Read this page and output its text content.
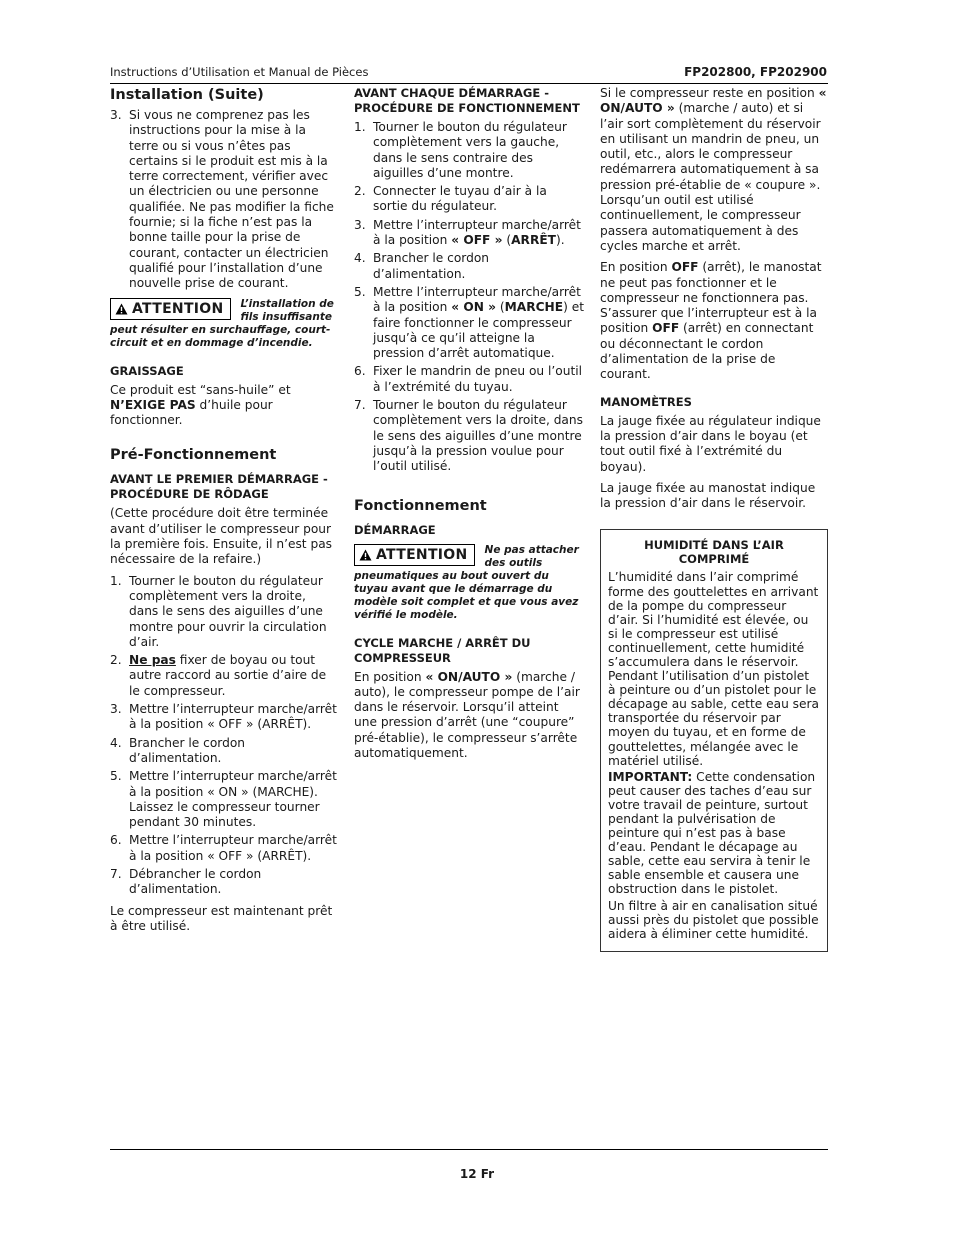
Instructions d’Utilisation et Manual de Pièces	FP202800, FP202900
Installation (Suite)
3. Si vous ne comprenez pas les instructions pour la mise à la terre ou si vous n’êtes pas certains si le produit est mis à la terre correctement, vérifier avec un électricien ou une personne qualifiée. Ne pas modifier la fiche fournie; si la fiche n’est pas la bonne taille pour la prise de courant, contacter un électricien qualifié pour l’installation d’une nouvelle prise de courant.
ATTENTION L’installation de fils insuffisante peut résulter en surchauffage, court-circuit et en dommage d’incendie.
GRAISSAGE

Ce produit est “sans-huile” et N’EXIGE PAS d’huile pour fonctionner.

Pré-Fonctionnement
AVANT LE PREMIER DÉMARRAGE - PROCÉDURE DE RÔDAGE

(Cette procédure doit être terminée avant d’utiliser le compresseur pour la première fois. Ensuite, il n’est pas nécessaire de la refaire.)

1. Tourner le bouton du régulateur complètement vers la droite, dans le sens des aiguilles d’une montre pour ouvrir la circulation d’air.
2. Ne pas fixer de boyau ou tout autre raccord au sortie d’aire de le compresseur.
3. Mettre l’interrupteur marche/arrêt à la position « OFF » (ARRÊT).
4. Brancher le cordon d’alimentation.
5. Mettre l’interrupteur marche/arrêt à la position « ON » (MARCHE). Laissez le compresseur tourner pendant 30 minutes.
6. Mettre l’interrupteur marche/arrêt à la position « OFF » (ARRÊT).
7. Débrancher le cordon d’alimentation.

Le compresseur est maintenant prêt à être utilisé.

AVANT CHAQUE DÉMARRAGE - PROCÉDURE DE FONCTIONNEMENT
1. Tourner le bouton du régulateur complètement vers la gauche, dans le sens contraire des aiguilles d’une montre.
2. Connecter le tuyau d’air à la sortie du régulateur.
3. Mettre l’interrupteur marche/arrêt à la position « OFF » (ARRÊT).
4. Brancher le cordon d’alimentation.
5. Mettre l’interrupteur marche/arrêt à la position « ON » (MARCHE) et faire fonctionner le compresseur jusqu’à ce qu’il atteigne la pression d’arrêt automatique.
6. Fixer le mandrin de pneu ou l’outil à l’extrémité du tuyau.
7. Tourner le bouton du régulateur complètement vers la droite, dans le sens des aiguilles d’une montre jusqu’à la pression voulue pour l’outil utilisé.
Fonctionnement
DÉMARRAGE
ATTENTION Ne pas attacher des outils pneumatiques au bout ouvert du tuyau avant que le démarrage du modèle soit complet et que vous avez vérifié le modèle.
CYCLE MARCHE / ARRÊT DU COMPRESSEUR

En position « ON/AUTO » (marche / auto), le compresseur pompe de l’air dans le réservoir. Lorsqu’il atteint une pression d’arrêt (une “coupure” pré-établie), le compresseur s’arrête automatiquement.

Si le compresseur reste en position « ON/AUTO » (marche / auto) et si l’air sort complètement du réservoir en utilisant un mandrin de pneu, un outil, etc., alors le compresseur redémarrera automatiquement à sa pression pré-établie de « coupure ». Lorsqu’un outil est utilisé continuellement, le compresseur passera automatiquement à des cycles marche et arrêt.

En position OFF (arrêt), le manostat ne peut pas fonctionner et le compresseur ne fonctionnera pas. S’assurer que l’interrupteur est à la position OFF (arrêt) en connectant ou déconnectant le cordon d’alimentation de la prise de courant.

MANOMÈTRES

La jauge fixée au régulateur indique la pression d’air dans le boyau (et tout outil fixé à l’extrémité du boyau).

La jauge fixée au manostat indique la pression d’air dans le réservoir.

HUMIDITÉ DANS L’AIR COMPRIMÉ

L’humidité dans l’air comprimé forme des gouttelettes en arrivant de la pompe du compresseur d’air. Si l’humidité est élevée, ou si le compresseur est utilisé continuellement, cette humidité s’accumulera dans le réservoir. Pendant l’utilisation d’un pistolet à peinture ou d’un pistolet pour le décapage au sable, cette eau sera transportée du réservoir par moyen du tuyau, et en forme de gouttelettes, mélangée avec le matériel utilisé.

IMPORTANT: Cette condensation peut causer des taches d’eau sur votre travail de peinture, surtout pendant la pulvérisation de peinture qui n’est pas à base d’eau. Pendant le décapage au sable, cette eau servira à tenir le sable ensemble et causera une obstruction dans le pistolet.

Un filtre à air en canalisation situé aussi près du pistolet que possible aidera à éliminer cette humidité.

12 Fr
